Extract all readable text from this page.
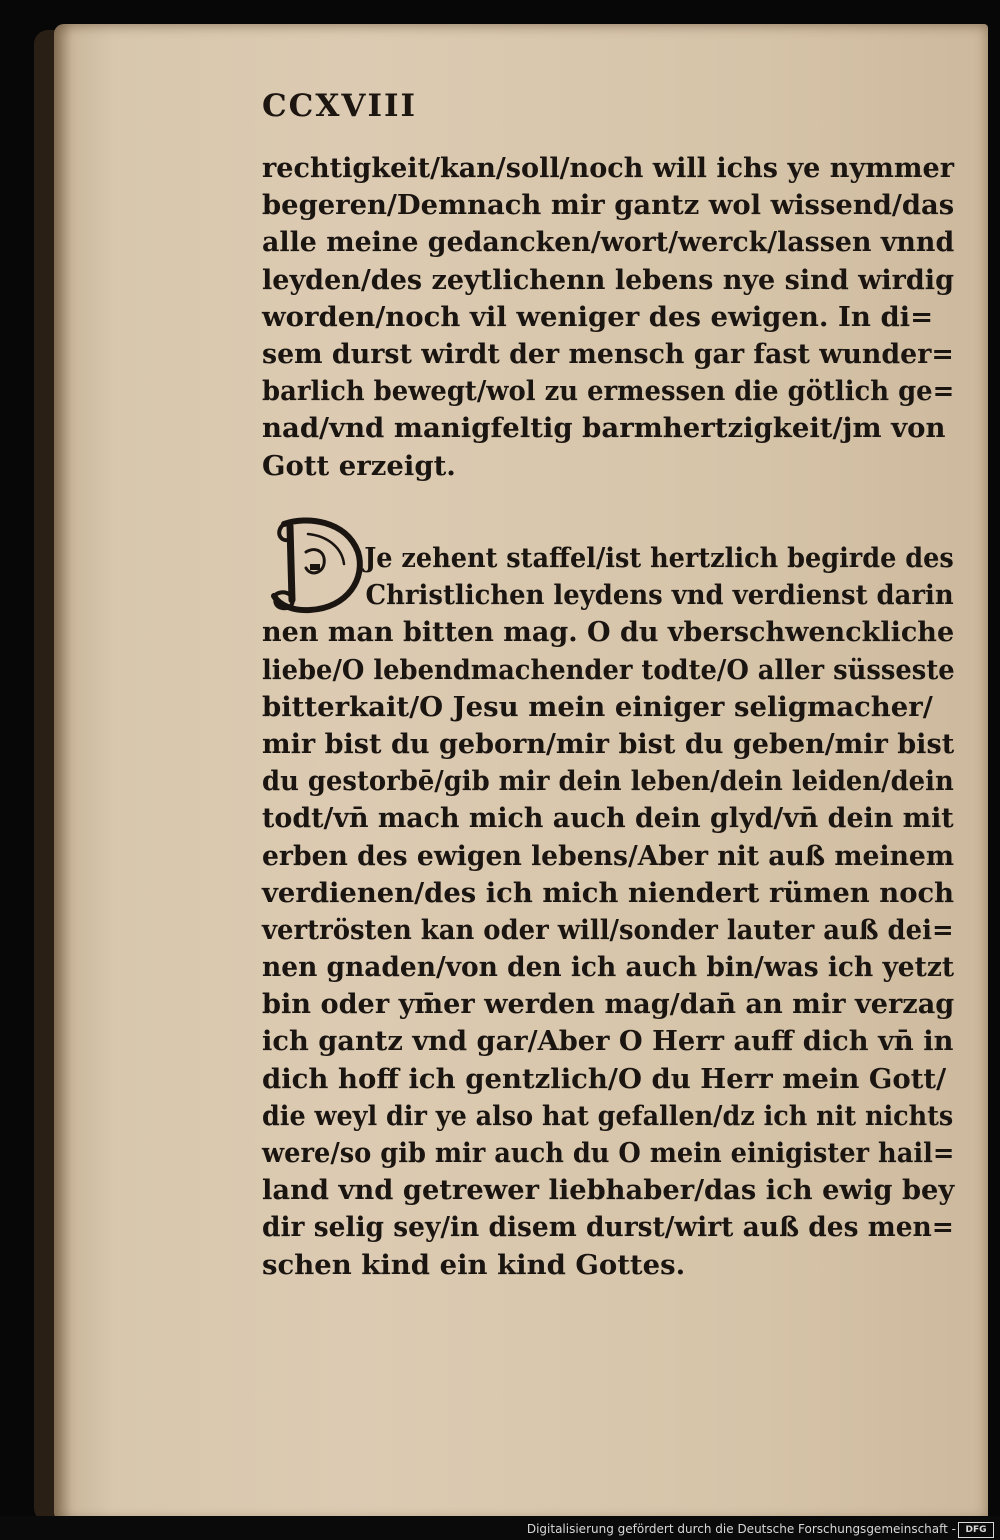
CCXVIII
rechtigkeit/kan/soll/noch will ichs ye nymmer
begeren/Demnach mir gantz wol wissend/das
alle meine gedancken/wort/werck/lassen vnnd
leyden/des zeytlichenn lebens nye sind wirdig
worden/noch vil weniger des ewigen. In di=
sem durst wirdt der mensch gar fast wunder=
barlich bewegt/wol zu ermessen die götlich ge=
nad/vnd manigfeltig barmhertzigkeit/jm von
Gott erzeigt.
Je zehent staffel/ist hertzlich begirde des
Christlichen leydens vnd verdienst darin
nen man bitten mag. O du vberschwenckliche
liebe/O lebendmachender todte/O aller süsseste
bitterkait/O Jesu mein einiger seligmacher/
mir bist du geborn/mir bist du geben/mir bist
du gestorbē/gib mir dein leben/dein leiden/dein
todt/vn̄ mach mich auch dein glyd/vn̄ dein mit
erben des ewigen lebens/Aber nit auß meinem
verdienen/des ich mich niendert rümen noch
vertrösten kan oder will/sonder lauter auß dei=
nen gnaden/von den ich auch bin/was ich yetzt
bin oder ym̄er werden mag/dan̄ an mir verzag
ich gantz vnd gar/Aber O Herr auff dich vn̄ in
dich hoff ich gentzlich/O du Herr mein Gott/
die weyl dir ye also hat gefallen/dz ich nit nichts
were/so gib mir auch du O mein einigister hail=
land vnd getrewer liebhaber/das ich ewig bey
dir selig sey/in disem durst/wirt auß des men=
schen kind ein kind Gottes.
Digitalisierung gefördert durch die Deutsche Forschungsgemeinschaft -	DFG
